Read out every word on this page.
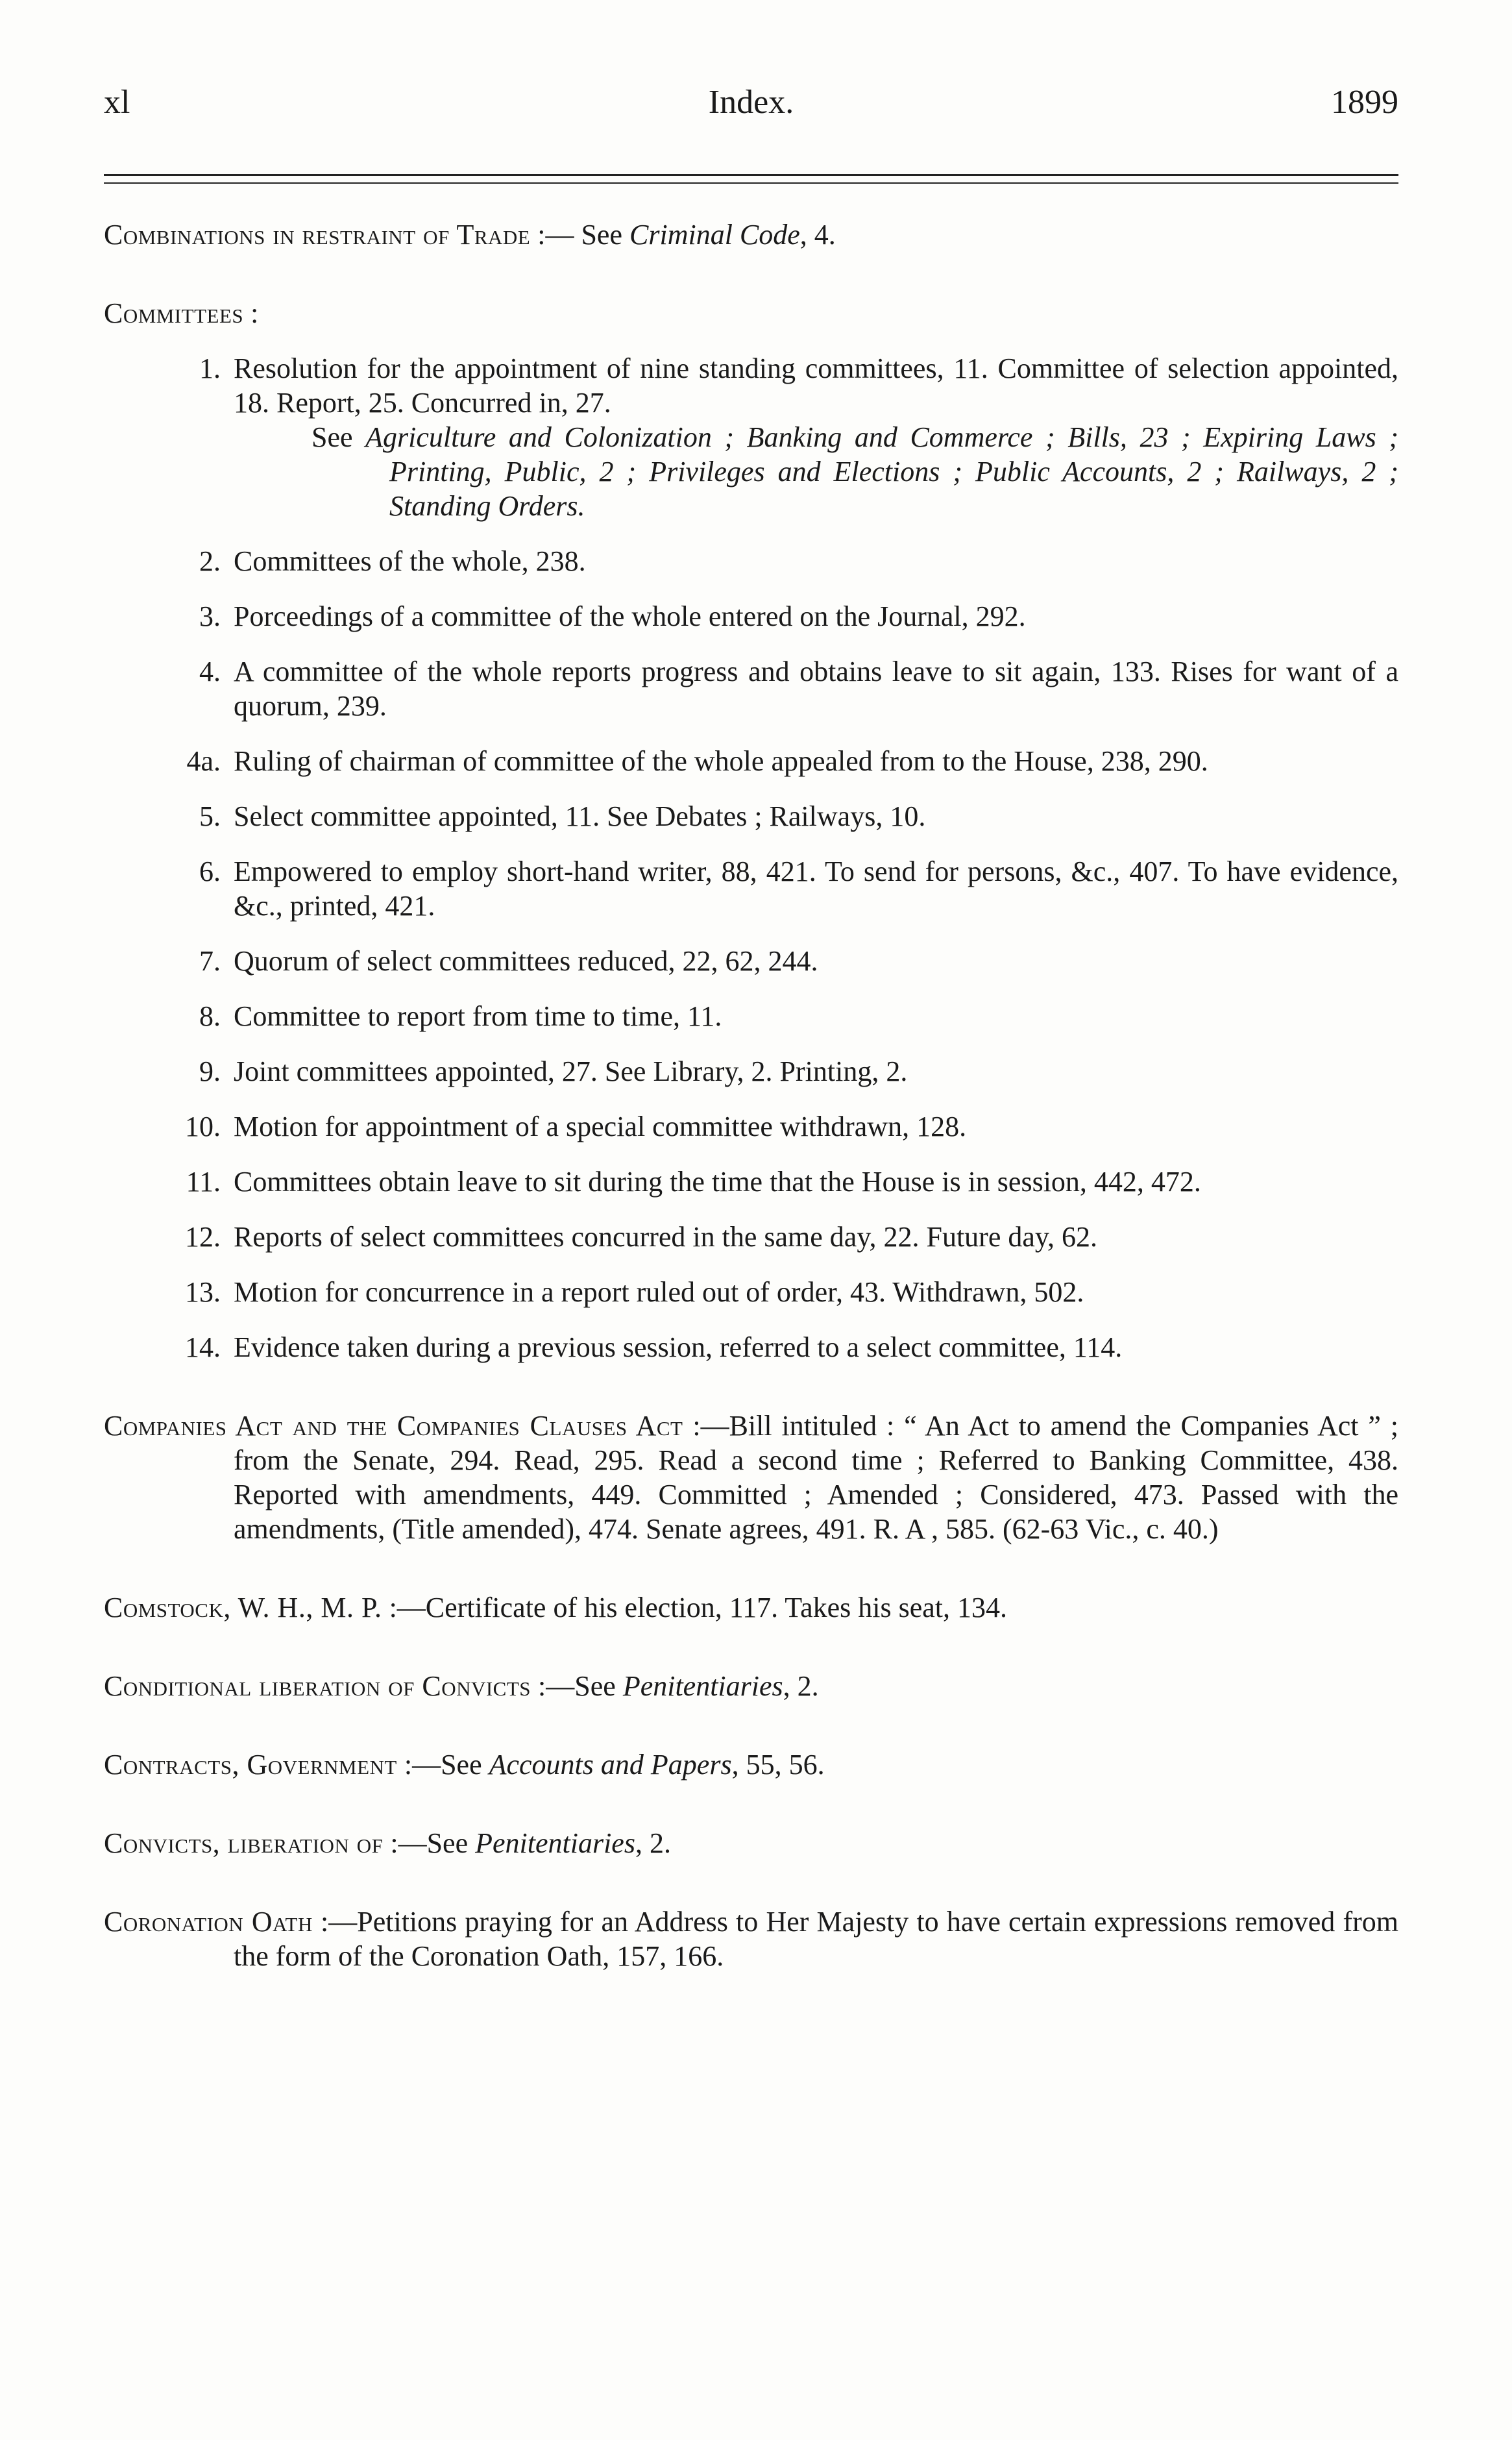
xl	Index.	1899

Combinations in restraint of Trade :— See Criminal Code, 4.

Committees :

1. Resolution for the appointment of nine standing committees, 11. Committee of selection appointed, 18. Report, 25. Concurred in, 27.
See Agriculture and Colonization ; Banking and Commerce ; Bills, 23 ; Expiring Laws ; Printing, Public, 2 ; Privileges and Elections ; Public Accounts, 2 ; Railways, 2 ; Standing Orders.
2. Committees of the whole, 238.
3. Porceedings of a committee of the whole entered on the Journal, 292.
4. A committee of the whole reports progress and obtains leave to sit again, 133. Rises for want of a quorum, 239.
4a. Ruling of chairman of committee of the whole appealed from to the House, 238, 290.
5. Select committee appointed, 11. See Debates ; Railways, 10.
6. Empowered to employ short-hand writer, 88, 421. To send for persons, &c., 407. To have evidence, &c., printed, 421.
7. Quorum of select committees reduced, 22, 62, 244.
8. Committee to report from time to time, 11.
9. Joint committees appointed, 27. See Library, 2. Printing, 2.
10. Motion for appointment of a special committee withdrawn, 128.
11. Committees obtain leave to sit during the time that the House is in session, 442, 472.
12. Reports of select committees concurred in the same day, 22. Future day, 62.
13. Motion for concurrence in a report ruled out of order, 43. Withdrawn, 502.
14. Evidence taken during a previous session, referred to a select committee, 114.

Companies Act and the Companies Clauses Act :—Bill intituled : “ An Act to amend the Companies Act ” ; from the Senate, 294. Read, 295. Read a second time ; Referred to Banking Committee, 438. Reported with amendments, 449. Committed ; Amended ; Considered, 473. Passed with the amendments, (Title amended), 474. Senate agrees, 491. R. A , 585. (62-63 Vic., c. 40.)

Comstock, W. H., M. P. :—Certificate of his election, 117. Takes his seat, 134.

Conditional liberation of Convicts :—See Penitentiaries, 2.

Contracts, Government :—See Accounts and Papers, 55, 56.

Convicts, liberation of :—See Penitentiaries, 2.

Coronation Oath :—Petitions praying for an Address to Her Majesty to have certain expressions removed from the form of the Coronation Oath, 157, 166.
